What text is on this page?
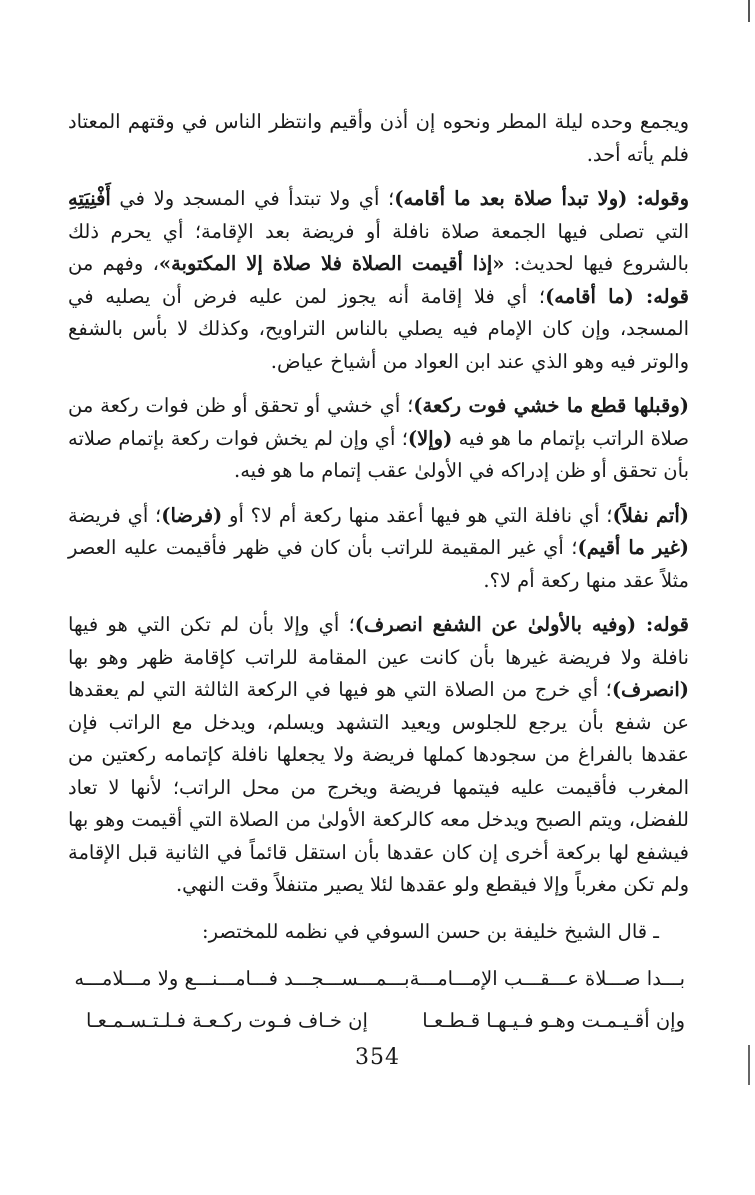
ويجمع وحده ليلة المطر ونحوه إن أذن وأقيم وانتظر الناس في وقتهم المعتاد فلم يأته أحد.

وقوله: (ولا تبدأ صلاة بعد ما أقامه)؛ أي ولا تبتدأ في المسجد ولا في أَفْنِيَتِهِ التي تصلى فيها الجمعة صلاة نافلة أو فريضة بعد الإقامة؛ أي يحرم ذلك بالشروع فيها لحديث: «إذا أقيمت الصلاة فلا صلاة إلا المكتوبة»، وفهم من قوله: (ما أقامه)؛ أي فلا إقامة أنه يجوز لمن عليه فرض أن يصليه في المسجد، وإن كان الإمام فيه يصلي بالناس التراويح، وكذلك لا بأس بالشفع والوتر فيه وهو الذي عند ابن العواد من أشياخ عياض.

(وقبلها قطع ما خشي فوت ركعة)؛ أي خشي أو تحقق أو ظن فوات ركعة من صلاة الراتب بإتمام ما هو فيه (وإلا)؛ أي وإن لم يخش فوات ركعة بإتمام صلاته بأن تحقق أو ظن إدراكه في الأولىٰ عقب إتمام ما هو فيه.

(أتم نفلاً)؛ أي نافلة التي هو فيها أعقد منها ركعة أم لا؟ أو (فرضا)؛ أي فريضة (غير ما أقيم)؛ أي غير المقيمة للراتب بأن كان في ظهر فأقيمت عليه العصر مثلاً عقد منها ركعة أم لا؟.

قوله: (وفيه بالأولىٰ عن الشفع انصرف)؛ أي وإلا بأن لم تكن التي هو فيها نافلة ولا فريضة غيرها بأن كانت عين المقامة للراتب كإقامة ظهر وهو بها (انصرف)؛ أي خرج من الصلاة التي هو فيها في الركعة الثالثة التي لم يعقدها عن شفع بأن يرجع للجلوس ويعيد التشهد ويسلم، ويدخل مع الراتب فإن عقدها بالفراغ من سجودها كملها فريضة ولا يجعلها نافلة كإتمامه ركعتين من المغرب فأقيمت عليه فيتمها فريضة ويخرج من محل الراتب؛ لأنها لا تعاد للفضل، ويتم الصبح ويدخل معه كالركعة الأولىٰ من الصلاة التي أقيمت وهو بها فيشفع لها بركعة أخرى إن كان عقدها بأن استقل قائماً في الثانية قبل الإقامة ولم تكن مغرباً وإلا فيقطع ولو عقدها لئلا يصير متنفلاً وقت النهي.

ـ قال الشيخ خليفة بن حسن السوفي في نظمه للمختصر:
بـــدا صـــلاة عـــقـــب الإمـــامـــة
بـــمـــســـجـــد فـــامـــنـــع ولا مـــلامـــه
وإن أقـيـمـت وهـو فـيـهـا قـطـعـا
إن خـاف فـوت ركـعـة فـلـتـسـمـعـا
354
